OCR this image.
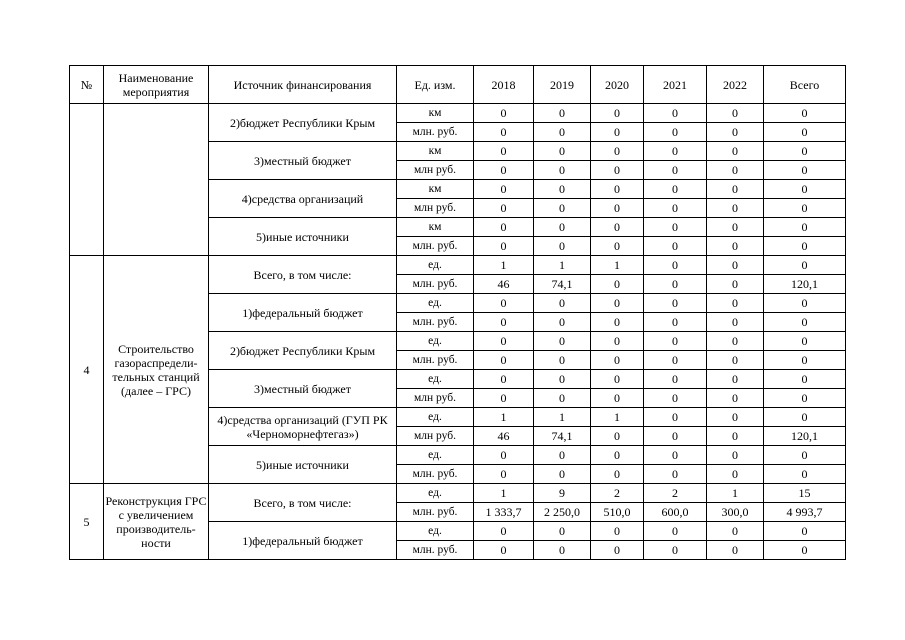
№	Наименование мероприятия	Источник финансирования	Ед. изм.	2018	2019	2020	2021	2022	Всего
		2)бюджет Республики Крым	км	0	0	0	0	0	0
			млн. руб.	0	0	0	0	0	0
		3)местный бюджет	км	0	0	0	0	0	0
			млн руб.	0	0	0	0	0	0
		4)средства организаций	км	0	0	0	0	0	0
			млн руб.	0	0	0	0	0	0
		5)иные источники	км	0	0	0	0	0	0
			млн. руб.	0	0	0	0	0	0
4	Строительство газораспредели-тельных станций (далее – ГРС)	Всего, в том числе:	ед.	1	1	1	0	0	0
			млн. руб.	46	74,1	0	0	0	120,1
		1)федеральный бюджет	ед.	0	0	0	0	0	0
			млн. руб.	0	0	0	0	0	0
		2)бюджет Республики Крым	ед.	0	0	0	0	0	0
			млн. руб.	0	0	0	0	0	0
		3)местный бюджет	ед.	0	0	0	0	0	0
			млн руб.	0	0	0	0	0	0
		4)средства организаций (ГУП РК «Черноморнефтегаз»)	ед.	1	1	1	0	0	0
			млн руб.	46	74,1	0	0	0	120,1
		5)иные источники	ед.	0	0	0	0	0	0
			млн. руб.	0	0	0	0	0	0
5	Реконструкция ГРС с увеличением производитель-ности	Всего, в том числе:	ед.	1	9	2	2	1	15
			млн. руб.	1 333,7	2 250,0	510,0	600,0	300,0	4 993,7
		1)федеральный бюджет	ед.	0	0	0	0	0	0
			млн. руб.	0	0	0	0	0	0
